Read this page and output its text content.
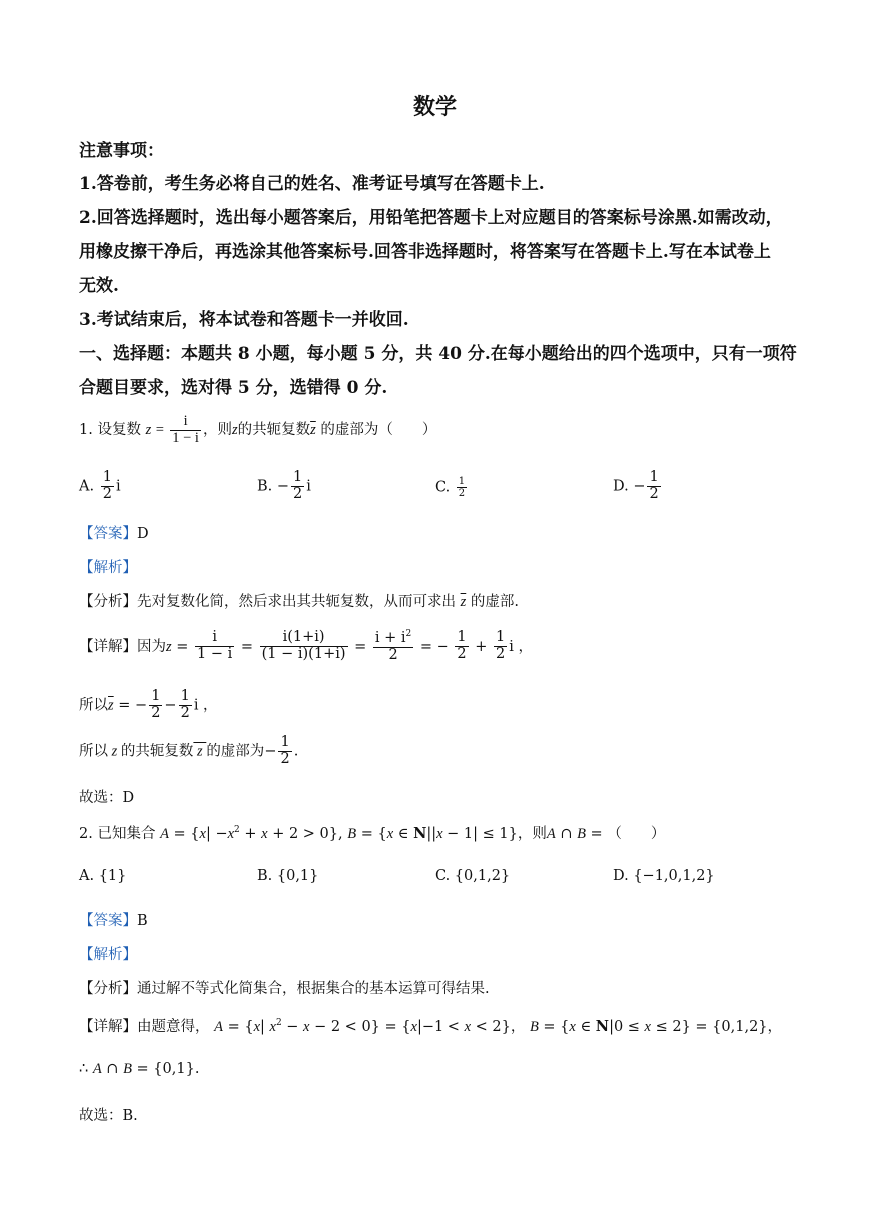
数学
注意事项：
1.答卷前，考生务必将自己的姓名、准考证号填写在答题卡上.
2.回答选择题时，选出每小题答案后，用铅笔把答题卡上对应题目的答案标号涂黑.如需改动，
用橡皮擦干净后，再选涂其他答案标号.回答非选择题时，将答案写在答题卡上.写在本试卷上
无效.
3.考试结束后，将本试卷和答题卡一并收回.
一、选择题：本题共 8 小题，每小题 5 分，共 40 分.在每小题给出的四个选项中，只有一项符
合题目要求，选对得 5 分，选错得 0 分.
1. 设复数 $z = \frac{i}{1 - i}$ ，则z的共轭复数$\overline{z}$ 的虚部为（　　）
A. $\frac{1}{2}$ i	B. − $\frac{1}{2}$ i	C. $\frac{1}{2}$	D. − $\frac{1}{2}$
【答案】D
【解析】
【分析】先对复数化简，然后求出其共轭复数，从而可求出 $\overline{z}$ 的虚部.
【详解】因为$z = \frac{i}{1 - i} = \frac{i(1+i)}{(1 - i)(1+i)} = \frac{i + i^2}{2}$ = − $\frac{1}{2} + \frac{1}{2}$ i ，
所以$\overline{z}$ = − $\frac{1}{2} - \frac{1}{2}$ i ，
所以 z 的共轭复数 z 的虚部为− $\frac{1}{2}$ .
故选：D
2. 已知集合 $A = \{x| -x^2 + x + 2 > 0\}$, B = {x ∈ N||x − 1| ≤ 1}，则A ∩ B = （　　）
A. {1}	B. {0,1}	C. {0,1,2}	D. {−1,0,1,2}
【答案】B
【解析】
【分析】通过解不等式化简集合，根据集合的基本运算可得结果.
【详解】由题意得， A = {x| $x^2 - x - 2 < 0\} = \{x|-1 < x < 2\}$， B = {x ∈ N|0 ≤ x ≤ 2} = {0,1,2}，
∴ A ∩ B = {0,1}.
故选：B.
